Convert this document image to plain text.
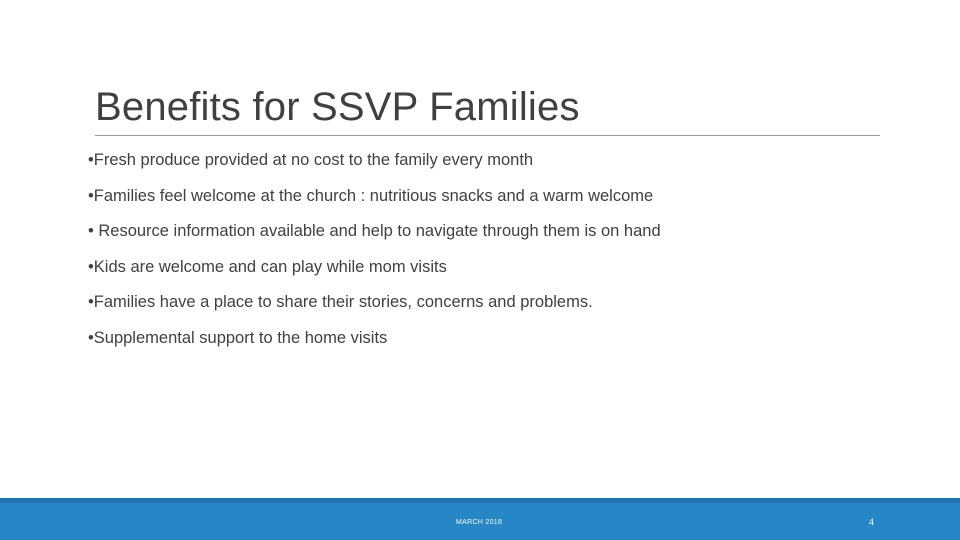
Benefits for SSVP Families
•Fresh produce provided at no cost to the family every month
•Families feel welcome at the church : nutritious snacks and a warm welcome
• Resource information available and help to navigate through them is on hand
•Kids are welcome and can play while mom visits
•Families have a place to share their stories, concerns and problems.
•Supplemental support to the home visits
MARCH 2018	4
